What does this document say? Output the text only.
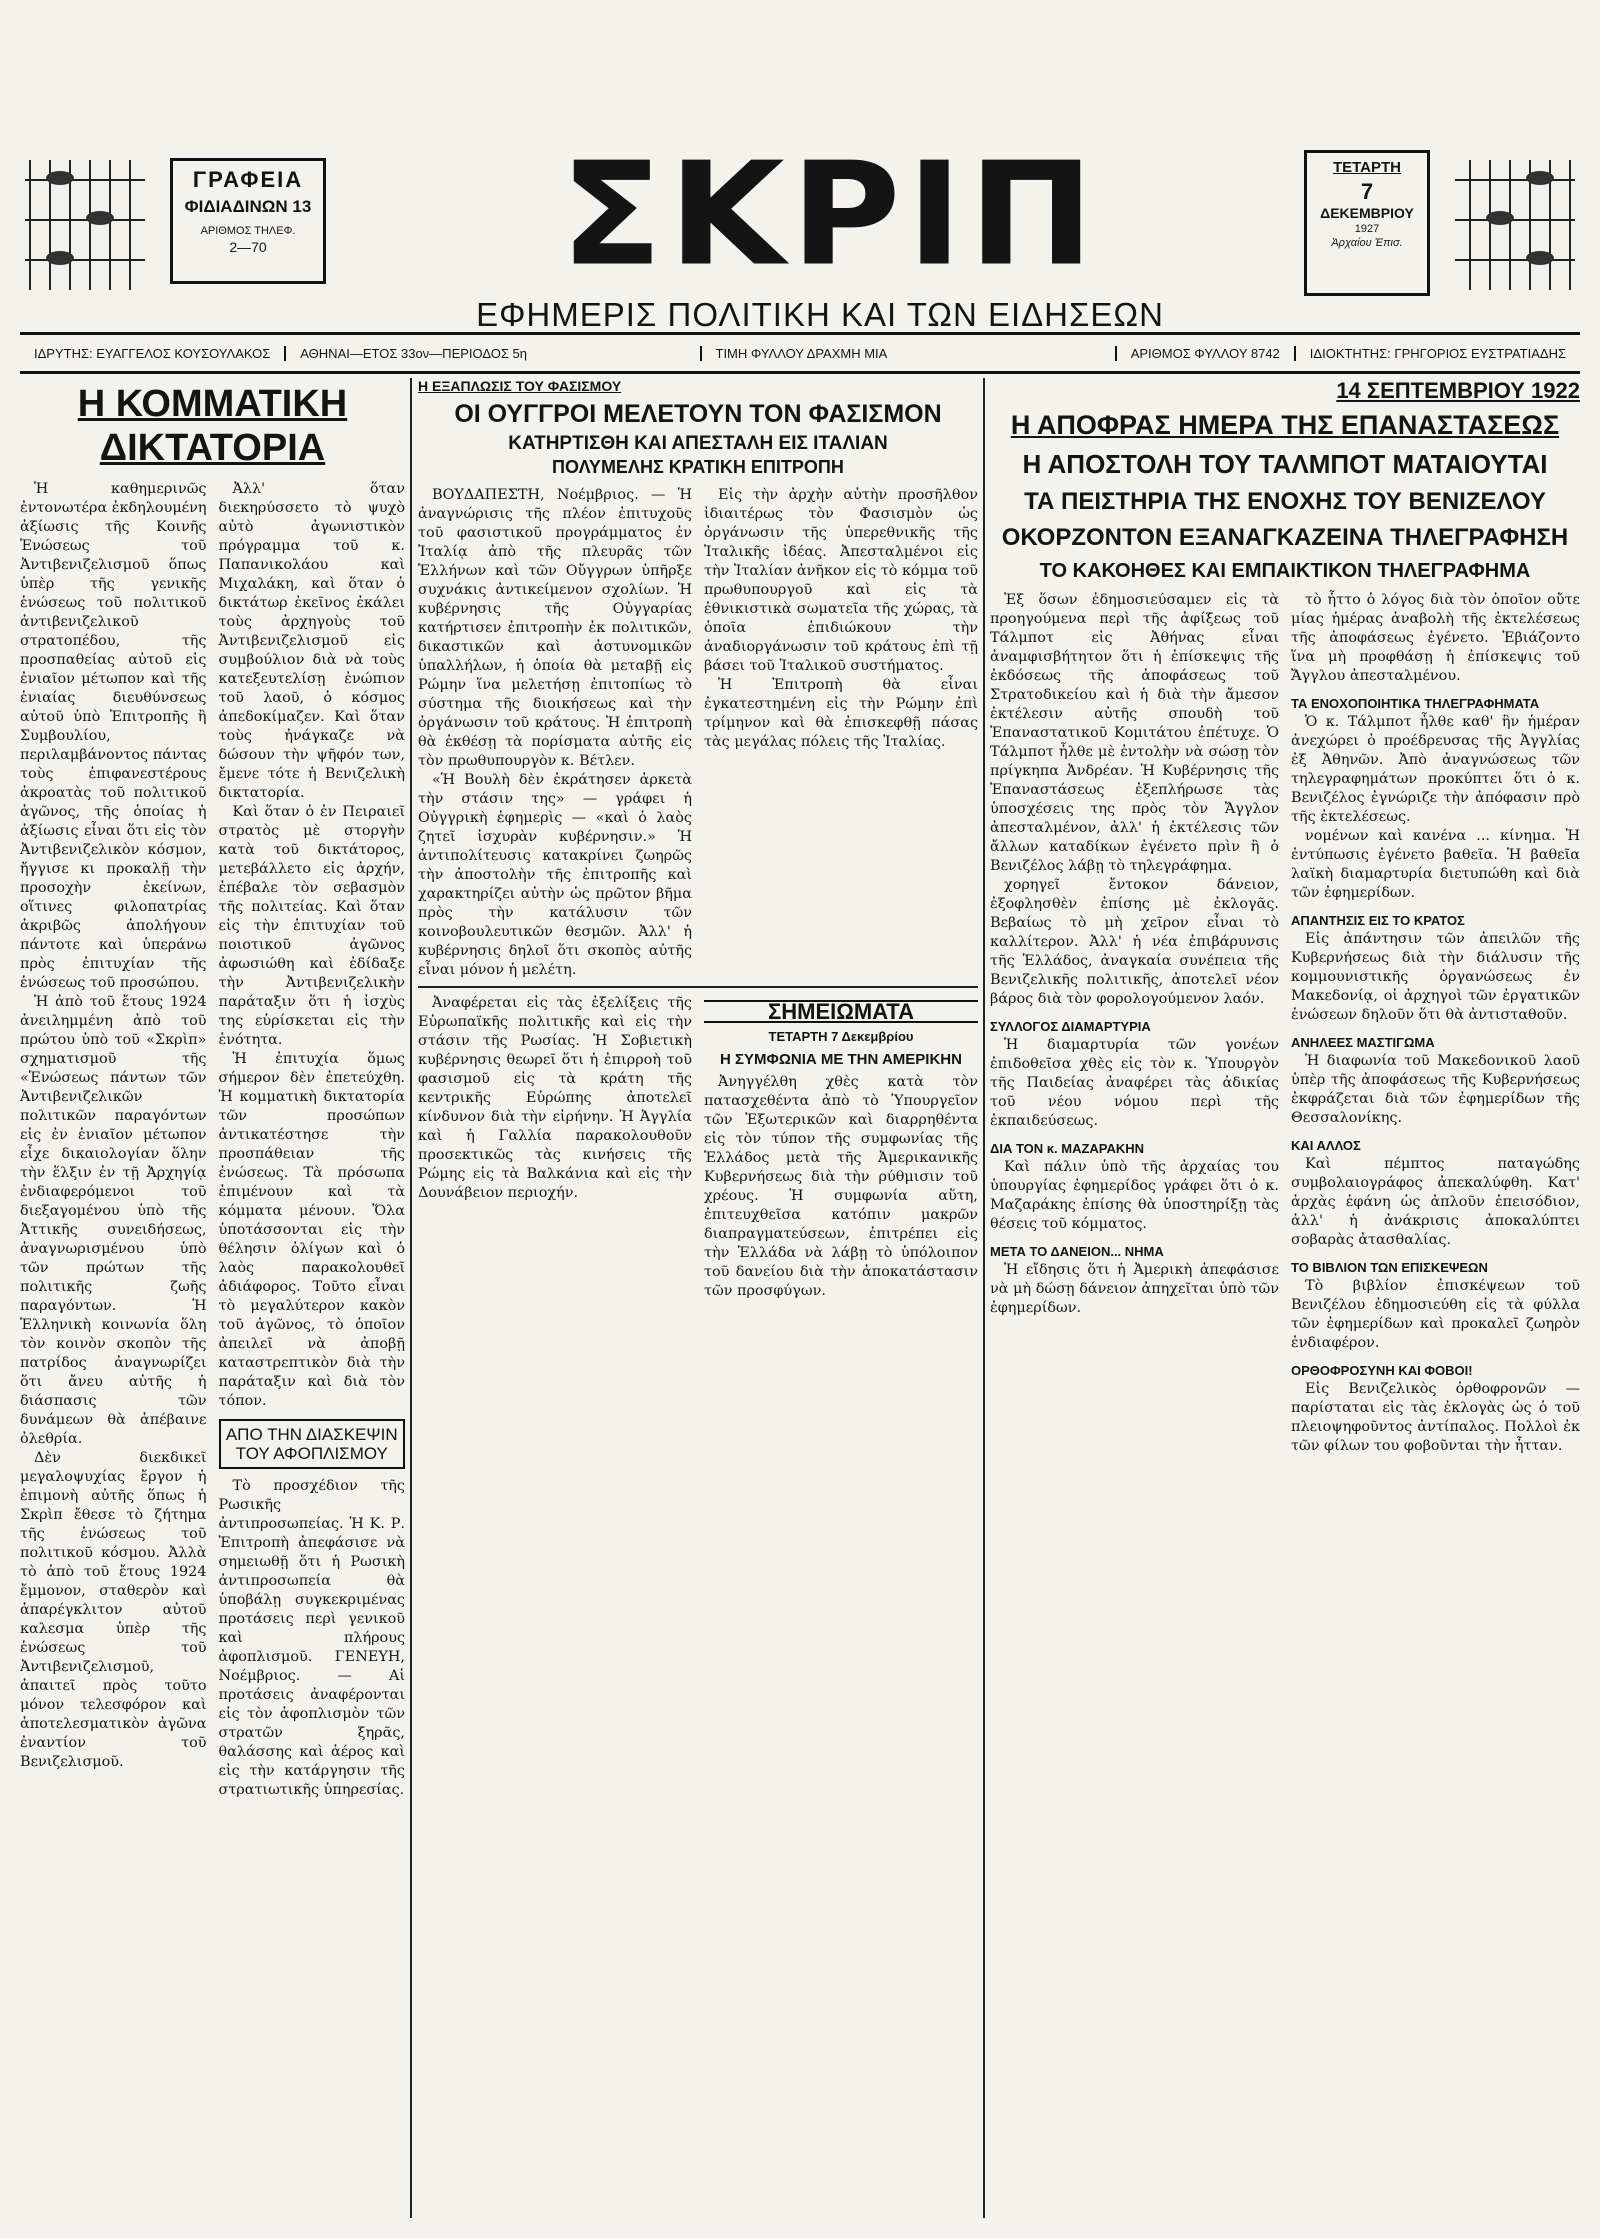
ΓΡΑΦΕΙΑ
ΦΙΔΙΑΔΙΝΩΝ 13
ΑΡΙΘΜΟΣ ΤΗΛΕΦ.
2—70	ΣΚΡΙΠ
ΕΦΗΜΕΡΙΣ ΠΟΛΙΤΙΚΗ ΚΑΙ ΤΩΝ ΕΙΔΗΣΕΩΝ
ΤΕΤΑΡΤΗ
7
ΔΕΚΕΜΒΡΙΟΥ
1927
Ἀρχαίου Ἐπισ.
ΙΔΡΥΤΗΣ: ΕΥΑΓΓΕΛΟΣ ΚΟΥΣΟΥΛΑΚΟΣ	ΑΘΗΝΑΙ—ΕΤΟΣ 33ον—ΠΕΡΙΟΔΟΣ 5η	ΤΙΜΗ ΦΥΛΛΟΥ ΔΡΑΧΜΗ ΜΙΑ	ΑΡΙΘΜΟΣ ΦΥΛΛΟΥ 8742	ΙΔΙΟΚΤΗΤΗΣ: ΓΡΗΓΟΡΙΟΣ ΕΥΣΤΡΑΤΙΑΔΗΣ
Η ΚΟΜΜΑΤΙΚΗ ΔΙΚΤΑΤΟΡΙΑ

Ἡ καθημερινῶς ἐντονωτέρα ἐκδηλουμένη ἀξίωσις τῆς Κοινῆς Ἑνώσεως τοῦ Ἀντιβενιζελισμοῦ ὅπως ὑπὲρ τῆς γενικῆς ἑνώσεως τοῦ πολιτικοῦ ἀντιβενιζελικοῦ στρατοπέδου, τῆς προσπαθείας αὐτοῦ εἰς ἐνιαῖον μέτωπον καὶ τῆς ἑνιαίας διευθύνσεως αὐτοῦ ὑπὸ Ἐπιτροπῆς ἢ Συμβουλίου, περιλαμβάνοντος πάντας τοὺς ἐπιφανεστέρους ἀκροατὰς τοῦ πολιτικοῦ ἀγῶνος, τῆς ὁποίας ἡ ἀξίωσις εἶναι ὅτι εἰς τὸν Ἀντιβενιζελικὸν κόσμον, ἤγγισε κι προκαλῇ τὴν προσοχὴν ἐκείνων, οἵτινες φιλοπατρίας ἀκριβῶς ἀπολήγουν πάντοτε καὶ ὑπεράνω πρὸς ἐπιτυχίαν τῆς ἑνώσεως τοῦ προσώπου.

Ἡ ἀπὸ τοῦ ἔτους 1924 ἀνειλημμένη ἀπὸ τοῦ πρώτου ὑπὸ τοῦ «Σκρὶπ» σχηματισμοῦ τῆς «Ἑνώσεως πάντων τῶν Ἀντιβενιζελικῶν πολιτικῶν παραγόντων εἰς ἐν ἑνιαῖον μέτωπον εἶχε δικαιολογίαν ὅλην τὴν ἕλξιν ἐν τῇ Ἀρχηγίᾳ ἐνδιαφερόμενοι τοῦ διεξαγομένου ὑπὸ τῆς Ἀττικῆς συνειδήσεως, ἀναγνωρισμένου ὑπὸ τῶν πρώτων τῆς πολιτικῆς ζωῆς παραγόντων. Ἡ Ἑλληνικὴ κοινωνία ὅλη τὸν κοινὸν σκοπὸν τῆς πατρίδος ἀναγνωρίζει ὅτι ἄνευ αὐτῆς ἡ διάσπασις τῶν δυνάμεων θὰ ἀπέβαινε ὀλεθρία.

Δὲν διεκδικεῖ μεγαλοψυχίας ἔργον ἡ ἐπιμονὴ αὐτῆς ὅπως ἡ Σκρὶπ ἔθεσε τὸ ζήτημα τῆς ἑνώσεως τοῦ πολιτικοῦ κόσμου. Ἀλλὰ τὸ ἀπὸ τοῦ ἔτους 1924 ἔμμονον, σταθερὸν καὶ ἀπαρέγκλιτον αὐτοῦ καλεσμα ὑπὲρ τῆς ἑνώσεως τοῦ Ἀντιβενιζελισμοῦ, ἀπαιτεῖ πρὸς τοῦτο μόνον τελεσφόρον καὶ ἀποτελεσματικὸν ἀγῶνα ἐναντίον τοῦ Βενιζελισμοῦ.

Ἀλλ' ὅταν διεκηρύσσετο τὸ ψυχὸ αὐτὸ ἀγωνιστικὸν πρόγραμμα τοῦ κ. Παπανικολάου καὶ Μιχαλάκη, καὶ ὅταν ὁ δικτάτωρ ἐκεῖνος ἐκάλει τοὺς ἀρχηγοὺς τοῦ Ἀντιβενιζελισμοῦ εἰς συμβούλιον διὰ νὰ τοὺς κατεξευτελίσῃ ἐνώπιον τοῦ λαοῦ, ὁ κόσμος ἀπεδοκίμαζεν. Καὶ ὅταν τοὺς ἠνάγκαζε νὰ δώσουν τὴν ψῆφόν των, ἔμενε τότε ἡ Βενιζελικὴ δικτατορία.

Καὶ ὅταν ὁ ἐν Πειραιεῖ στρατὸς μὲ στοργὴν κατὰ τοῦ δικτάτορος, μετεβάλλετο εἰς ἀρχήν, ἐπέβαλε τὸν σεβασμὸν τῆς πολιτείας. Καὶ ὅταν εἰς τὴν ἐπιτυχίαν τοῦ ποιοτικοῦ ἀγῶνος ἀφωσιώθη καὶ ἐδίδαξε τὴν Ἀντιβενιζελικὴν παράταξιν ὅτι ἡ ἰσχὺς της εὑρίσκεται εἰς τὴν ἑνότητα.

Ἡ ἐπιτυχία ὅμως σήμερον δὲν ἐπετεύχθη. Ἡ κομματικὴ δικτατορία τῶν προσώπων ἀντικατέστησε τὴν προσπάθειαν τῆς ἐνώσεως. Τὰ πρόσωπα ἐπιμένουν καὶ τὰ κόμματα μένουν. Ὅλα ὑποτάσσονται εἰς τὴν θέλησιν ὀλίγων καὶ ὁ λαὸς παρακολουθεῖ ἀδιάφορος. Τοῦτο εἶναι τὸ μεγαλύτερον κακὸν τοῦ ἀγῶνος, τὸ ὁποῖον ἀπειλεῖ νὰ ἀποβῇ καταστρεπτικὸν διὰ τὴν παράταξιν καὶ διὰ τὸν τόπον.

ΑΠΟ ΤΗΝ ΔΙΑΣΚΕΨΙΝ
ΤΟΥ ΑΦΟΠΛΙΣΜΟΥ

Τὸ προσχέδιον τῆς Ρωσικῆς ἀντιπροσωπείας. Ἡ Κ. Ρ. Ἐπιτροπὴ ἀπεφάσισε νὰ σημειωθῇ ὅτι ἡ Ρωσικὴ ἀντιπροσωπεία θὰ ὑποβάλῃ συγκεκριμένας προτάσεις περὶ γενικοῦ καὶ πλήρους ἀφοπλισμοῦ. ΓΕΝΕΥΗ, Νοέμβριος. — Αἱ προτάσεις ἀναφέρονται εἰς τὸν ἀφοπλισμὸν τῶν στρατῶν ξηρᾶς, θαλάσσης καὶ ἀέρος καὶ εἰς τὴν κατάργησιν τῆς στρατιωτικῆς ὑπηρεσίας.

Η ΕΞΑΠΛΩΣΙΣ ΤΟΥ ΦΑΣΙΣΜΟΥ
ΟΙ ΟΥΓΓΡΟΙ ΜΕΛΕΤΟΥΝ ΤΟΝ ΦΑΣΙΣΜΟΝ
ΚΑΤΗΡΤΙΣΘΗ ΚΑΙ ΑΠΕΣΤΑΛΗ ΕΙΣ ΙΤΑΛΙΑΝ
ΠΟΛΥΜΕΛΗΣ ΚΡΑΤΙΚΗ ΕΠΙΤΡΟΠΗ

ΒΟΥΔΑΠΕΣΤΗ, Νοέμβριος. — Ἡ ἀναγνώρισις τῆς πλέον ἐπιτυχοῦς τοῦ φασιστικοῦ προγράμματος ἐν Ἰταλίᾳ ἀπὸ τῆς πλευρᾶς τῶν Ἑλλήνων καὶ τῶν Οὔγγρων ὑπῆρξε συχνάκις ἀντικείμενον σχολίων. Ἡ κυβέρνησις τῆς Οὐγγαρίας κατήρτισεν ἐπιτροπὴν ἐκ πολιτικῶν, δικαστικῶν καὶ ἀστυνομικῶν ὑπαλλήλων, ἡ ὁποία θὰ μεταβῇ εἰς Ρώμην ἵνα μελετήσῃ ἐπιτοπίως τὸ σύστημα τῆς διοικήσεως καὶ τὴν ὀργάνωσιν τοῦ κράτους. Ἡ ἐπιτροπὴ θὰ ἐκθέσῃ τὰ πορίσματα αὐτῆς εἰς τὸν πρωθυπουργὸν κ. Βέτλεν.

«Ἡ Βουλὴ δὲν ἐκράτησεν ἀρκετὰ τὴν στάσιν της» — γράφει ἡ Οὐγγρικὴ ἐφημερὶς — «καὶ ὁ λαὸς ζητεῖ ἰσχυρὰν κυβέρνησιν.» Ἡ ἀντιπολίτευσις κατακρίνει ζωηρῶς τὴν ἀποστολὴν τῆς ἐπιτροπῆς καὶ χαρακτηρίζει αὐτὴν ὡς πρῶτον βῆμα πρὸς τὴν κατάλυσιν τῶν κοινοβουλευτικῶν θεσμῶν. Ἀλλ' ἡ κυβέρνησις δηλοῖ ὅτι σκοπὸς αὐτῆς εἶναι μόνον ἡ μελέτη.

Εἰς τὴν ἀρχὴν αὐτὴν προσῆλθον ἰδιαιτέρως τὸν Φασισμὸν ὡς ὀργάνωσιν τῆς ὑπερεθνικῆς τῆς Ἰταλικῆς ἰδέας. Ἀπεσταλμένοι εἰς τὴν Ἰταλίαν ἀνῆκον εἰς τὸ κόμμα τοῦ πρωθυπουργοῦ καὶ εἰς τὰ ἐθνικιστικὰ σωματεῖα τῆς χώρας, τὰ ὁποῖα ἐπιδιώκουν τὴν ἀναδιοργάνωσιν τοῦ κράτους ἐπὶ τῇ βάσει τοῦ Ἰταλικοῦ συστήματος.

Ἡ Ἐπιτροπὴ θὰ εἶναι ἐγκατεστημένη εἰς τὴν Ρώμην ἐπὶ τρίμηνον καὶ θὰ ἐπισκεφθῇ πάσας τὰς μεγάλας πόλεις τῆς Ἰταλίας.

Ἀναφέρεται εἰς τὰς ἐξελίξεις τῆς Εὐρωπαϊκῆς πολιτικῆς καὶ εἰς τὴν στάσιν τῆς Ρωσίας. Ἡ Σοβιετικὴ κυβέρνησις θεωρεῖ ὅτι ἡ ἐπιρροὴ τοῦ φασισμοῦ εἰς τὰ κράτη τῆς κεντρικῆς Εὐρώπης ἀποτελεῖ κίνδυνον διὰ τὴν εἰρήνην. Ἡ Ἀγγλία καὶ ἡ Γαλλία παρακολουθοῦν προσεκτικῶς τὰς κινήσεις τῆς Ρώμης εἰς τὰ Βαλκάνια καὶ εἰς τὴν Δουνάβειον περιοχήν.

ΣΗΜΕΙΩΜΑΤΑ
ΤΕΤΑΡΤΗ 7 Δεκεμβρίου
Η ΣΥΜΦΩΝΙΑ ΜΕ ΤΗΝ ΑΜΕΡΙΚΗΝ

Ἀνηγγέλθη χθὲς κατὰ τὸν πατασχεθέντα ἀπὸ τὸ Ὑπουργεῖον τῶν Ἐξωτερικῶν καὶ διαρρηθέντα εἰς τὸν τύπον τῆς συμφωνίας τῆς Ἑλλάδος μετὰ τῆς Ἀμερικανικῆς Κυβερνήσεως διὰ τὴν ρύθμισιν τοῦ χρέους. Ἡ συμφωνία αὕτη, ἐπιτευχθεῖσα κατόπιν μακρῶν διαπραγματεύσεων, ἐπιτρέπει εἰς τὴν Ἑλλάδα νὰ λάβῃ τὸ ὑπόλοιπον τοῦ δανείου διὰ τὴν ἀποκατάστασιν τῶν προσφύγων.

14 ΣΕΠΤΕΜΒΡΙΟΥ 1922
Η ΑΠΟΦΡΑΣ ΗΜΕΡΑ ΤΗΣ ΕΠΑΝΑΣΤΑΣΕΩΣ
Η ΑΠΟΣΤΟΛΗ ΤΟΥ ΤΑΛΜΠΟΤ ΜΑΤΑΙΟΥΤΑΙ
ΤΑ ΠΕΙΣΤΗΡΙΑ ΤΗΣ ΕΝΟΧΗΣ ΤΟΥ ΒΕΝΙΖΕΛΟΥ
ΟΚΟΡΖΟΝΤΟΝ ΕΞΑΝΑΓΚΑΖΕΙΝΑ ΤΗΛΕΓΡΑΦΗΣΗ
ΤΟ ΚΑΚΟΗΘΕΣ ΚΑΙ ΕΜΠΑΙΚΤΙΚΟΝ ΤΗΛΕΓΡΑΦΗΜΑ

Ἐξ ὅσων ἐδημοσιεύσαμεν εἰς τὰ προηγούμενα περὶ τῆς ἀφίξεως τοῦ Τάλμποτ εἰς Ἀθήνας εἶναι ἀναμφισβήτητον ὅτι ἡ ἐπίσκεψις τῆς ἐκδόσεως τῆς ἀποφάσεως τοῦ Στρατοδικείου καὶ ἡ διὰ τὴν ἄμεσον ἐκτέλεσιν αὐτῆς σπουδὴ τοῦ Ἐπαναστατικοῦ Κομιτάτου ἐπέτυχε. Ὁ Τάλμποτ ἦλθε μὲ ἐντολὴν νὰ σώσῃ τὸν πρίγκηπα Ἀνδρέαν. Ἡ Κυβέρνησις τῆς Ἐπαναστάσεως ἐξεπλήρωσε τὰς ὑποσχέσεις της πρὸς τὸν Ἄγγλον ἀπεσταλμένον, ἀλλ' ἡ ἐκτέλεσις τῶν ἄλλων καταδίκων ἐγένετο πρὶν ἢ ὁ Βενιζέλος λάβῃ τὸ τηλεγράφημα.

χορηγεῖ ἔντοκον δάνειον, ἐξοφλησθὲν ἐπίσης μὲ ἐκλογᾶς. Βεβαίως τὸ μὴ χεῖρον εἶναι τὸ καλλίτερον. Ἀλλ' ἡ νέα ἐπιβάρυνσις τῆς Ἑλλάδος, ἀναγκαία συνέπεια τῆς Βενιζελικῆς πολιτικῆς, ἀποτελεῖ νέον βάρος διὰ τὸν φορολογούμενον λαόν.

ΣΥΛΛΟΓΟΣ ΔΙΑΜΑΡΤΥΡΙΑ

Ἡ διαμαρτυρία τῶν γονέων ἐπιδοθεῖσα χθὲς εἰς τὸν κ. Ὑπουργὸν τῆς Παιδείας ἀναφέρει τὰς ἀδικίας τοῦ νέου νόμου περὶ τῆς ἐκπαιδεύσεως.

ΔΙΑ ΤΟΝ κ. ΜΑΖΑΡΑΚΗΝ

Καὶ πάλιν ὑπὸ τῆς ἀρχαίας του ὑπουργίας ἐφημερίδος γράφει ὅτι ὁ κ. Μαζαράκης ἐπίσης θὰ ὑποστηρίξῃ τὰς θέσεις τοῦ κόμματος.

ΜΕΤΑ ΤΟ ΔΑΝΕΙΟΝ... ΝΗΜΑ

Ἡ εἴδησις ὅτι ἡ Ἀμερικὴ ἀπεφάσισε νὰ μὴ δώσῃ δάνειον ἀπηχεῖται ὑπὸ τῶν ἐφημερίδων.

τὸ ἧττο ὁ λόγος διὰ τὸν ὁποῖον οὔτε μίας ἡμέρας ἀναβολὴ τῆς ἐκτελέσεως τῆς ἀποφάσεως ἐγένετο. Ἐβιάζοντο ἵνα μὴ προφθάσῃ ἡ ἐπίσκεψις τοῦ Ἄγγλου ἀπεσταλμένου.

ΤΑ ΕΝΟΧΟΠΟΙΗΤΙΚΑ ΤΗΛΕΓΡΑΦΗΜΑΤΑ

Ὁ κ. Τάλμποτ ἦλθε καθ' ἣν ἡμέραν ἀνεχώρει ὁ προέδρευσας τῆς Ἀγγλίας ἐξ Ἀθηνῶν. Ἀπὸ ἀναγνώσεως τῶν τηλεγραφημάτων προκύπτει ὅτι ὁ κ. Βενιζέλος ἐγνώριζε τὴν ἀπόφασιν πρὸ τῆς ἐκτελέσεως.

νομένων καὶ κανένα ... κίνημα. Ἡ ἐντύπωσις ἐγένετο βαθεῖα. Ἡ βαθεῖα λαϊκὴ διαμαρτυρία διετυπώθη καὶ διὰ τῶν ἐφημερίδων.

ΑΠΑΝΤΗΣΙΣ ΕΙΣ ΤΟ ΚΡΑΤΟΣ

Εἰς ἀπάντησιν τῶν ἀπειλῶν τῆς Κυβερνήσεως διὰ τὴν διάλυσιν τῆς κομμουνιστικῆς ὀργανώσεως ἐν Μακεδονίᾳ, οἱ ἀρχηγοὶ τῶν ἐργατικῶν ἑνώσεων δηλοῦν ὅτι θὰ ἀντισταθοῦν.

ΑΝΗΛΕΕΣ ΜΑΣΤΙΓΩΜΑ

Ἡ διαφωνία τοῦ Μακεδονικοῦ λαοῦ ὑπὲρ τῆς ἀποφάσεως τῆς Κυβερνήσεως ἐκφράζεται διὰ τῶν ἐφημερίδων τῆς Θεσσαλονίκης.

ΚΑΙ ΑΛΛΟΣ

Καὶ πέμπτος παταγώδης συμβολαιογράφος ἀπεκαλύφθη. Κατ' ἀρχὰς ἐφάνη ὡς ἀπλοῦν ἐπεισόδιον, ἀλλ' ἡ ἀνάκρισις ἀποκαλύπτει σοβαρὰς ἀτασθαλίας.

ΤΟ ΒΙΒΛΙΟΝ ΤΩΝ ΕΠΙΣΚΕΨΕΩΝ

Τὸ βιβλίον ἐπισκέψεων τοῦ Βενιζέλου ἐδημοσιεύθη εἰς τὰ φύλλα τῶν ἐφημερίδων καὶ προκαλεῖ ζωηρὸν ἐνδιαφέρον.

ΟΡΘΟΦΡΟΣΥΝΗ ΚΑΙ ΦΟΒΟΙ!

Εἰς Βενιζελικὸς ὀρθοφρονῶν — παρίσταται εἰς τὰς ἐκλογὰς ὡς ὁ τοῦ πλειοψηφοῦντος ἀντίπαλος. Πολλοὶ ἐκ τῶν φίλων του φοβοῦνται τὴν ἧτταν.
